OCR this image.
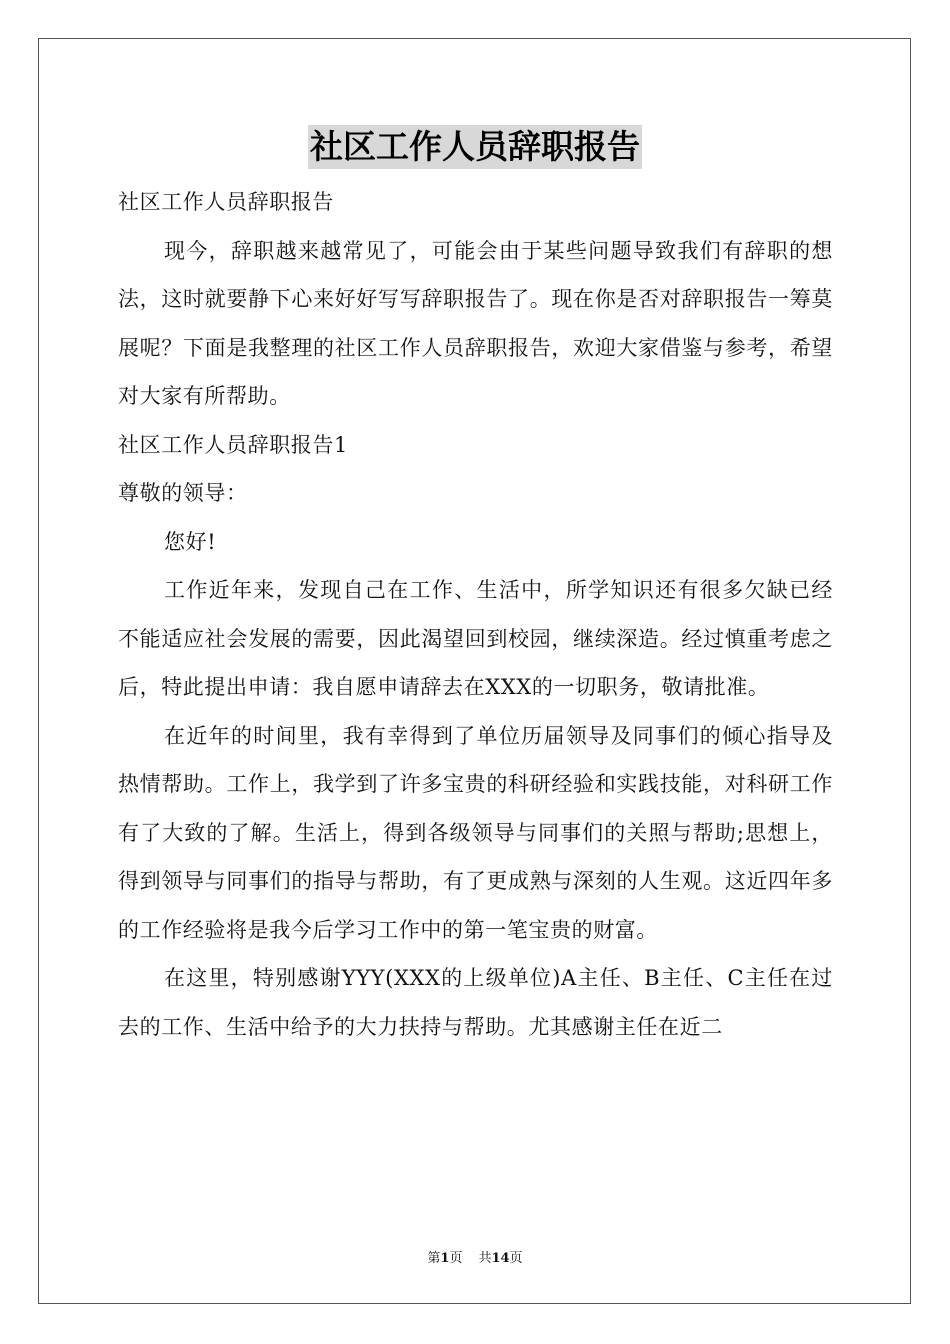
社区工作人员辞职报告

社区工作人员辞职报告

现今，辞职越来越常见了，可能会由于某些问题导致我们有辞职的想法，这时就要静下心来好好写写辞职报告了。现在你是否对辞职报告一筹莫展呢？下面是我整理的社区工作人员辞职报告，欢迎大家借鉴与参考，希望对大家有所帮助。

社区工作人员辞职报告1

尊敬的领导：

您好!

工作近年来，发现自己在工作、生活中，所学知识还有很多欠缺已经不能适应社会发展的需要，因此渴望回到校园，继续深造。经过慎重考虑之后，特此提出申请：我自愿申请辞去在XXX的一切职务，敬请批准。

在近年的时间里，我有幸得到了单位历届领导及同事们的倾心指导及热情帮助。工作上，我学到了许多宝贵的科研经验和实践技能，对科研工作有了大致的了解。生活上，得到各级领导与同事们的关照与帮助;思想上，得到领导与同事们的指导与帮助，有了更成熟与深刻的人生观。这近四年多的工作经验将是我今后学习工作中的第一笔宝贵的财富。

在这里，特别感谢YYY(XXX的上级单位)A主任、B主任、C主任在过去的工作、生活中给予的大力扶持与帮助。尤其感谢主任在近二

第1页 共14页
